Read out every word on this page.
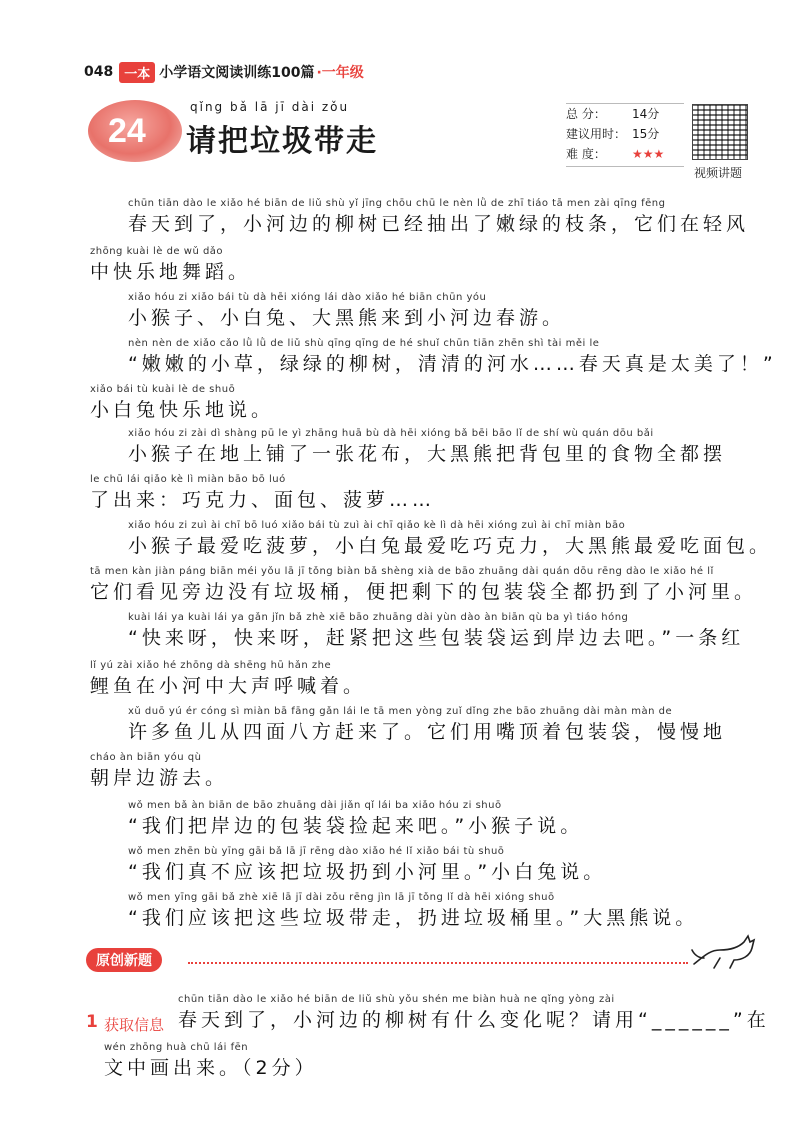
048 一本 小学语文阅读训练100篇 ·一年级
24
qǐng bǎ lā jī dài zǒu
请把垃圾带走
总 分：	14分
建议用时： 15分
难 度：	★★★
视频讲题
chūn tiān dào le xiǎo hé biān de liǔ shù yǐ jīng chōu chū le nèn lǜ de zhī tiáo tā men zài qīng fēng
春天到了，小河边的柳树已经抽出了嫩绿的枝条，它们在轻风
zhōng kuài lè de wǔ dǎo
中快乐地舞蹈。
xiǎo hóu zi xiǎo bái tù dà hēi xióng lái dào xiǎo hé biān chūn yóu
小猴子、小白兔、大黑熊来到小河边春游。
nèn nèn de xiǎo cǎo lǜ lǜ de liǔ shù qīng qīng de hé shuǐ chūn tiān zhēn shì tài měi le
“嫩嫩的小草，绿绿的柳树，清清的河水……春天真是太美了！”
xiǎo bái tù kuài lè de shuō
小白兔快乐地说。
xiǎo hóu zi zài dì shàng pū le yì zhāng huā bù dà hēi xióng bǎ bēi bāo lǐ de shí wù quán dōu bǎi
小猴子在地上铺了一张花布，大黑熊把背包里的食物全都摆
le chū lái qiǎo kè lì miàn bāo bō luó
了出来：巧克力、面包、菠萝……
xiǎo hóu zi zuì ài chī bō luó xiǎo bái tù zuì ài chī qiǎo kè lì dà hēi xióng zuì ài chī miàn bāo
小猴子最爱吃菠萝，小白兔最爱吃巧克力，大黑熊最爱吃面包。
tā men kàn jiàn páng biān méi yǒu lā jī tǒng biàn bǎ shèng xià de bāo zhuāng dài quán dōu rēng dào le xiǎo hé lǐ
它们看见旁边没有垃圾桶，便把剩下的包装袋全都扔到了小河里。
kuài lái ya kuài lái ya gǎn jǐn bǎ zhè xiē bāo zhuāng dài yùn dào àn biān qù ba yì tiáo hóng
“快来呀，快来呀，赶紧把这些包装袋运到岸边去吧。”一条红
lǐ yú zài xiǎo hé zhōng dà shēng hū hǎn zhe
鲤鱼在小河中大声呼喊着。
xǔ duō yú ér cóng sì miàn bā fāng gǎn lái le tā men yòng zuǐ dǐng zhe bāo zhuāng dài màn màn de
许多鱼儿从四面八方赶来了。它们用嘴顶着包装袋，慢慢地
cháo àn biān yóu qù
朝岸边游去。
wǒ men bǎ àn biān de bāo zhuāng dài jiǎn qǐ lái ba xiǎo hóu zi shuō
“我们把岸边的包装袋捡起来吧。”小猴子说。
wǒ men zhēn bù yīng gāi bǎ lā jī rēng dào xiǎo hé lǐ xiǎo bái tù shuō
“我们真不应该把垃圾扔到小河里。”小白兔说。
wǒ men yīng gāi bǎ zhè xiē lā jī dài zǒu rēng jìn lā jī tǒng lǐ dà hēi xióng shuō
“我们应该把这些垃圾带走，扔进垃圾桶里。”大黑熊说。
原创新题
1 获取信息
chūn tiān dào le xiǎo hé biān de liǔ shù yǒu shén me biàn huà ne qǐng yòng zài
春天到了，小河边的柳树有什么变化呢？请用“______”在
wén zhōng huà chū lái fēn
文中画出来。（2分）
